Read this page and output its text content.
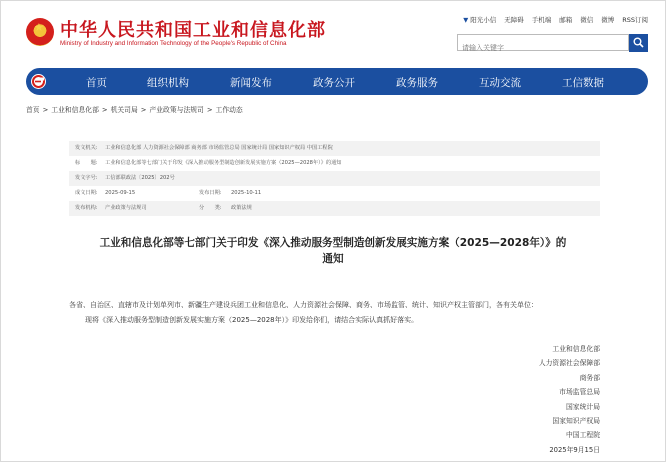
★ 中华人民共和国工业和信息化部
Ministry of Industry and Information Technology of the People's Republic of China
▼ 阳光小信 无障碍 手机端 邮箱 微信 微博 RSS订阅
请输入关键字
首页	组织机构	新闻发布	政务公开	政务服务	互动交流	工信数据
首页 > 工业和信息化部 > 机关司局 > 产业政策与法规司 > 工作动态
发文机关: 工业和信息化部 人力资源社会保障部 商务部 市场监管总局 国家统计局 国家知识产权局 中国工程院
标　　题: 工业和信息化部等七部门关于印发《深入推动服务型制造创新发展实施方案（2025—2028年）》的通知
发文字号: 工信部联政法〔2025〕202号
成文日期: 2025-09-15	发布日期: 2025-10-11
发布机构: 产业政策与法规司	分　　类: 政策法规
工业和信息化部等七部门关于印发《深入推动服务型制造创新发展实施方案（2025—2028年）》的
通知
各省、自治区、直辖市及计划单列市、新疆生产建设兵团工业和信息化、人力资源社会保障、商务、市场监管、统计、知识产权主管部门，各有关单位：
现将《深入推动服务型制造创新发展实施方案（2025—2028年）》印发给你们，请结合实际认真抓好落实。
工业和信息化部
人力资源社会保障部
商务部
市场监管总局
国家统计局
国家知识产权局
中国工程院
2025年9月15日
